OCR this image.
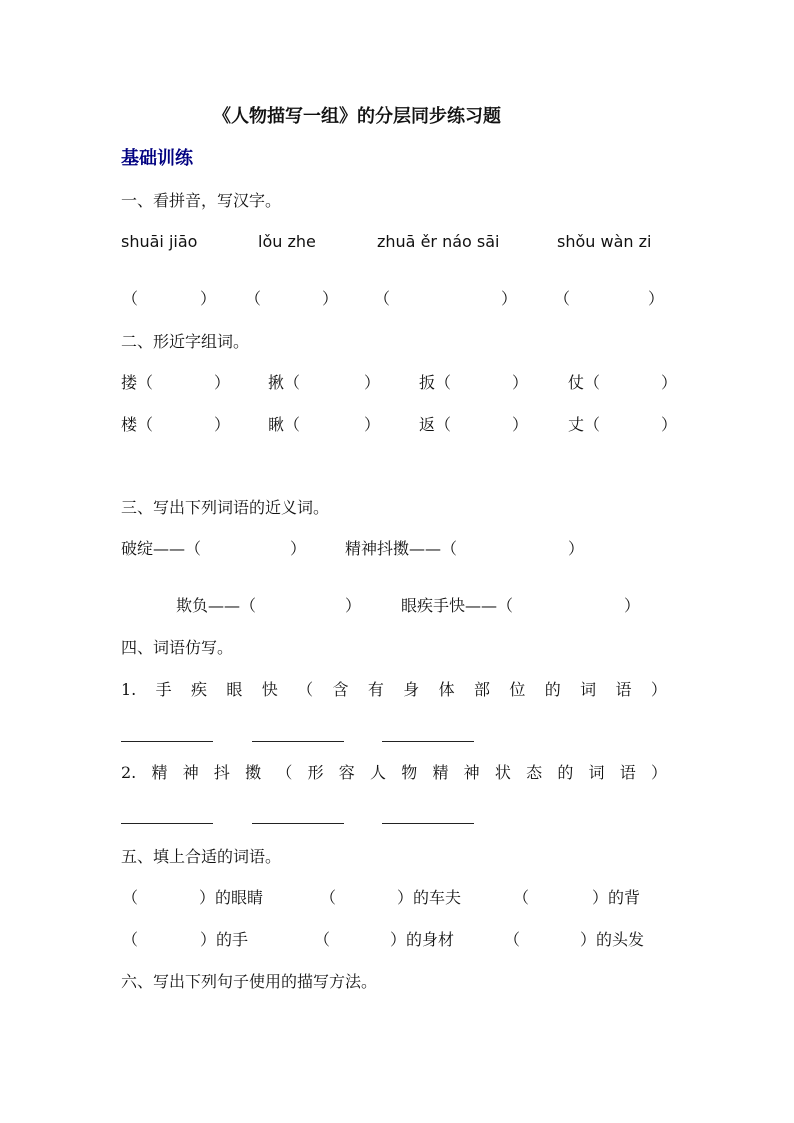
《人物描写一组》的分层同步练习题
基础训练
一、看拼音，写汉字。
shuāi jiāo	lǒu zhe	zhuā ěr náo sāi	shǒu wàn zi
（	） （	） （	） （	）
二、形近字组词。
搂（	） 揪（	） 扳（	） 仗（	）
楼（	） 瞅（	） 返（	） 丈（	）
三、写出下列词语的近义词。
破绽——（	） 精神抖擞——（	）
欺负——（	） 眼疾手快——（	）
四、词语仿写。
1. 手 疾 眼 快 （ 含 有 身 体 部 位 的 词 语 ）
2. 精 神 抖 擞 （ 形 容 人 物 精 神 状 态 的 词 语 ）
五、填上合适的词语。
（	）的眼睛	（	）的车夫	（	）的背
（	）的手	（	）的身材	（	）的头发
六、写出下列句子使用的描写方法。
